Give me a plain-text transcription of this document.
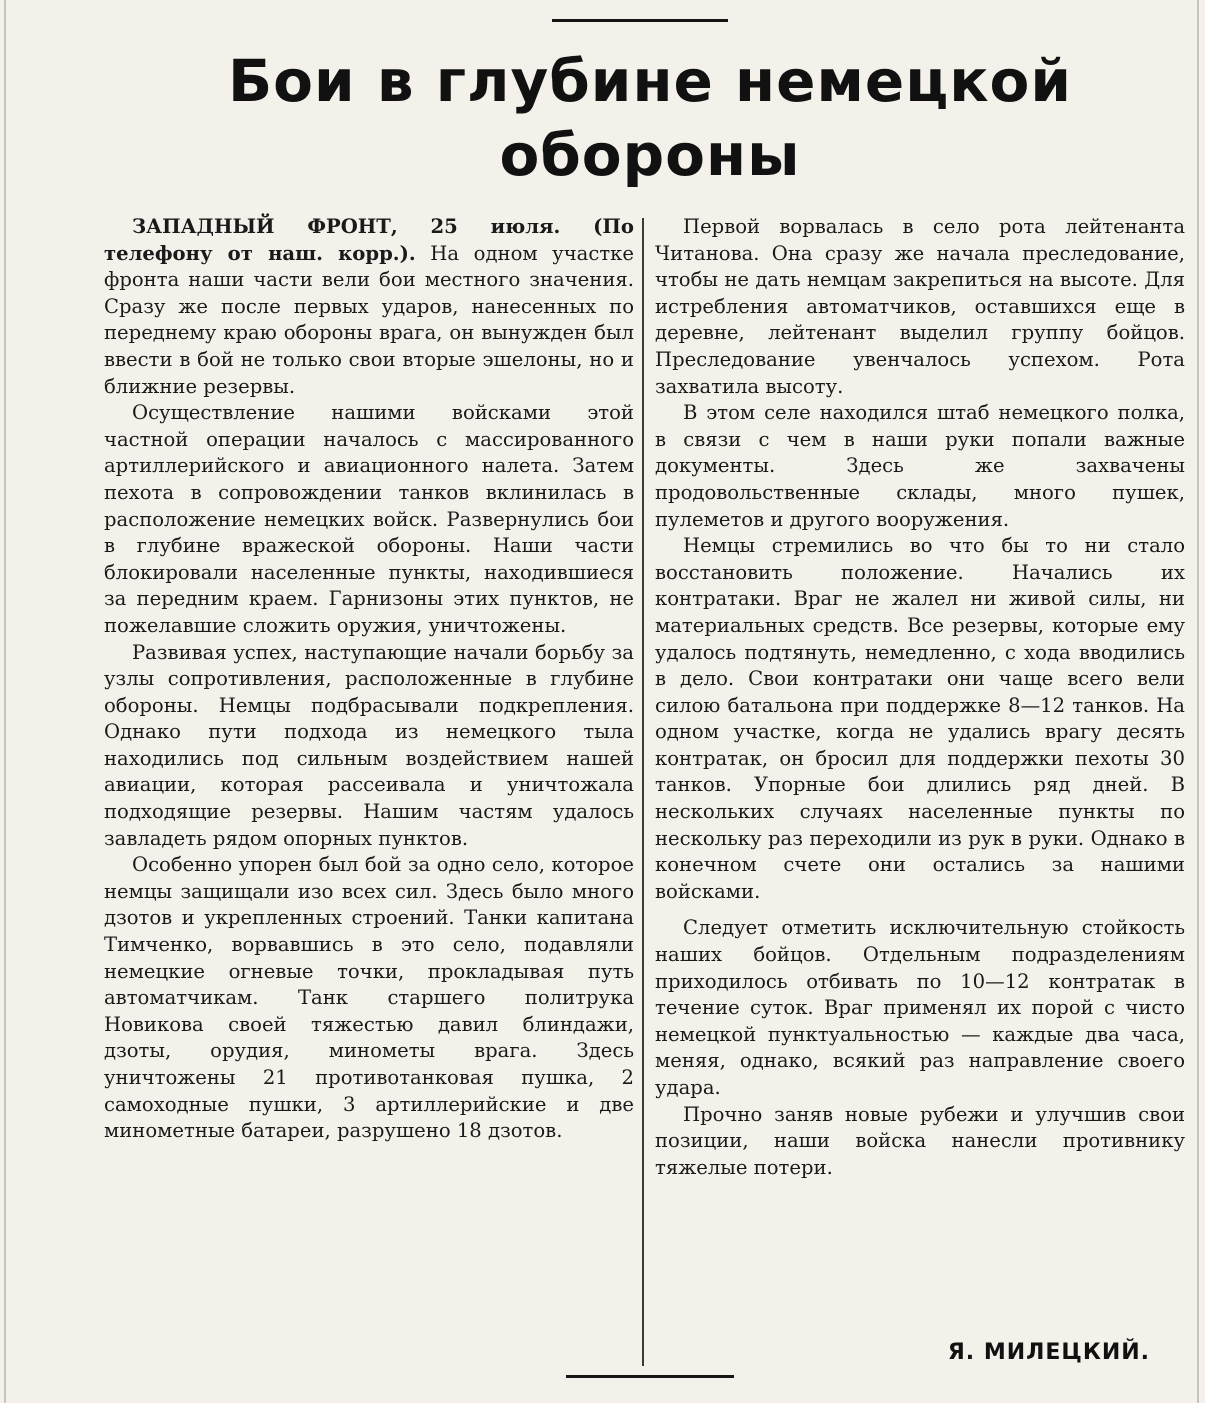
Бои в глубине немецкой
обороны

ЗАПАДНЫЙ ФРОНТ, 25 июля. (По телефону от наш. корр.). На одном участке фронта наши части вели бои местного значения. Сразу же после первых ударов, нанесенных по переднему краю обороны врага, он вынужден был ввести в бой не только свои вторые эшелоны, но и ближние резервы.

Осуществление нашими войсками этой частной операции началось с массированного артиллерийского и авиационного налета. Затем пехота в сопровождении танков вклинилась в расположение немецких войск. Развернулись бои в глубине вражеской обороны. Наши части блокировали населенные пункты, находившиеся за передним краем. Гарнизоны этих пунктов, не пожелавшие сложить оружия, уничтожены.

Развивая успех, наступающие начали борьбу за узлы сопротивления, расположенные в глубине обороны. Немцы подбрасывали подкрепления. Однако пути подхода из немецкого тыла находились под сильным воздействием нашей авиации, которая рассеивала и уничтожала подходящие резервы. Нашим частям удалось завладеть рядом опорных пунктов.

Особенно упорен был бой за одно село, которое немцы защищали изо всех сил. Здесь было много дзотов и укрепленных строений. Танки капитана Тимченко, ворвавшись в это село, подавляли немецкие огневые точки, прокладывая путь автоматчикам. Танк старшего политрука Новикова своей тяжестью давил блиндажи, дзоты, орудия, минометы врага. Здесь уничтожены 21 противотанковая пушка, 2 самоходные пушки, 3 артиллерийские и две минометные батареи, разрушено 18 дзотов.

Первой ворвалась в село рота лейтенанта Читанова. Она сразу же начала преследование, чтобы не дать немцам закрепиться на высоте. Для истребления автоматчиков, оставшихся еще в деревне, лейтенант выделил группу бойцов. Преследование увенчалось успехом. Рота захватила высоту.

В этом селе находился штаб немецкого полка, в связи с чем в наши руки попали важные документы. Здесь же захвачены продовольственные склады, много пушек, пулеметов и другого вооружения.

Немцы стремились во что бы то ни стало восстановить положение. Начались их контратаки. Враг не жалел ни живой силы, ни материальных средств. Все резервы, которые ему удалось подтянуть, немедленно, с хода вводились в дело. Свои контратаки они чаще всего вели силою батальона при поддержке 8—12 танков. На одном участке, когда не удались врагу десять контратак, он бросил для поддержки пехоты 30 танков. Упорные бои длились ряд дней. В нескольких случаях населенные пункты по нескольку раз переходили из рук в руки. Однако в конечном счете они остались за нашими войсками.

Следует отметить исключительную стойкость наших бойцов. Отдельным подразделениям приходилось отбивать по 10—12 контратак в течение суток. Враг применял их порой с чисто немецкой пунктуальностью — каждые два часа, меняя, однако, всякий раз направление своего удара.

Прочно заняв новые рубежи и улучшив свои позиции, наши войска нанесли противнику тяжелые потери.

Я. МИЛЕЦКИЙ.
